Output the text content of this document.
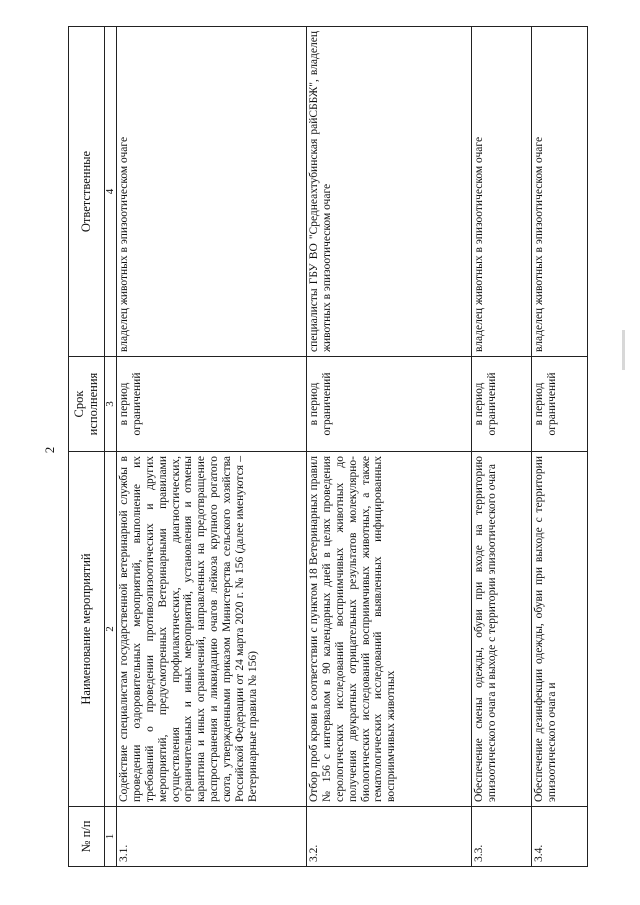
2
№ п/п	Наименование мероприятий	Срок исполнения	Ответственные
1	2	3	4
3.1.	Содействие специалистам государственной ветеринарной службы в проведении оздоровительных мероприятий, выполнение их требований о проведении противоэпизоотических и других мероприятий, предусмотренных Ветеринарными правилами осуществления профилактических, диагностических, ограничительных и иных мероприятий, установления и отмены карантина и иных ограничений, направленных на предотвращение распространения и ликвидацию очагов лейкоза крупного рогатого скота, утвержденными приказом Министерства сельского хозяйства Российской Федерации от 24 марта 2020 г. № 156 (далее именуются – Ветеринарные правила № 156)	в период ограничений	владелец животных в эпизоотическом очаге
3.2.	Отбор проб крови в соответствии с пунктом 18 Ветеринарных правил № 156 с интервалом в 90 календарных дней в целях проведения серологических исследований восприимчивых животных до получения двукратных отрицательных результатов молекулярно-биологических исследований восприимчивых животных, а также гематологических исследований выявленных инфицированных восприимчивых животных	в период ограничений	специалисты ГБУ ВО "Среднеахтубинская райСББЖ", владелец животных в эпизоотическом очаге
3.3.	Обеспечение смены одежды, обуви при входе на территорию эпизоотического очага и выходе с территории эпизоотического очага	в период ограничений	владелец животных в эпизоотическом очаге
3.4.	Обеспечение дезинфекции одежды, обуви при выходе с территории эпизоотического очага и	в период ограничений	владелец животных в эпизоотическом очаге
